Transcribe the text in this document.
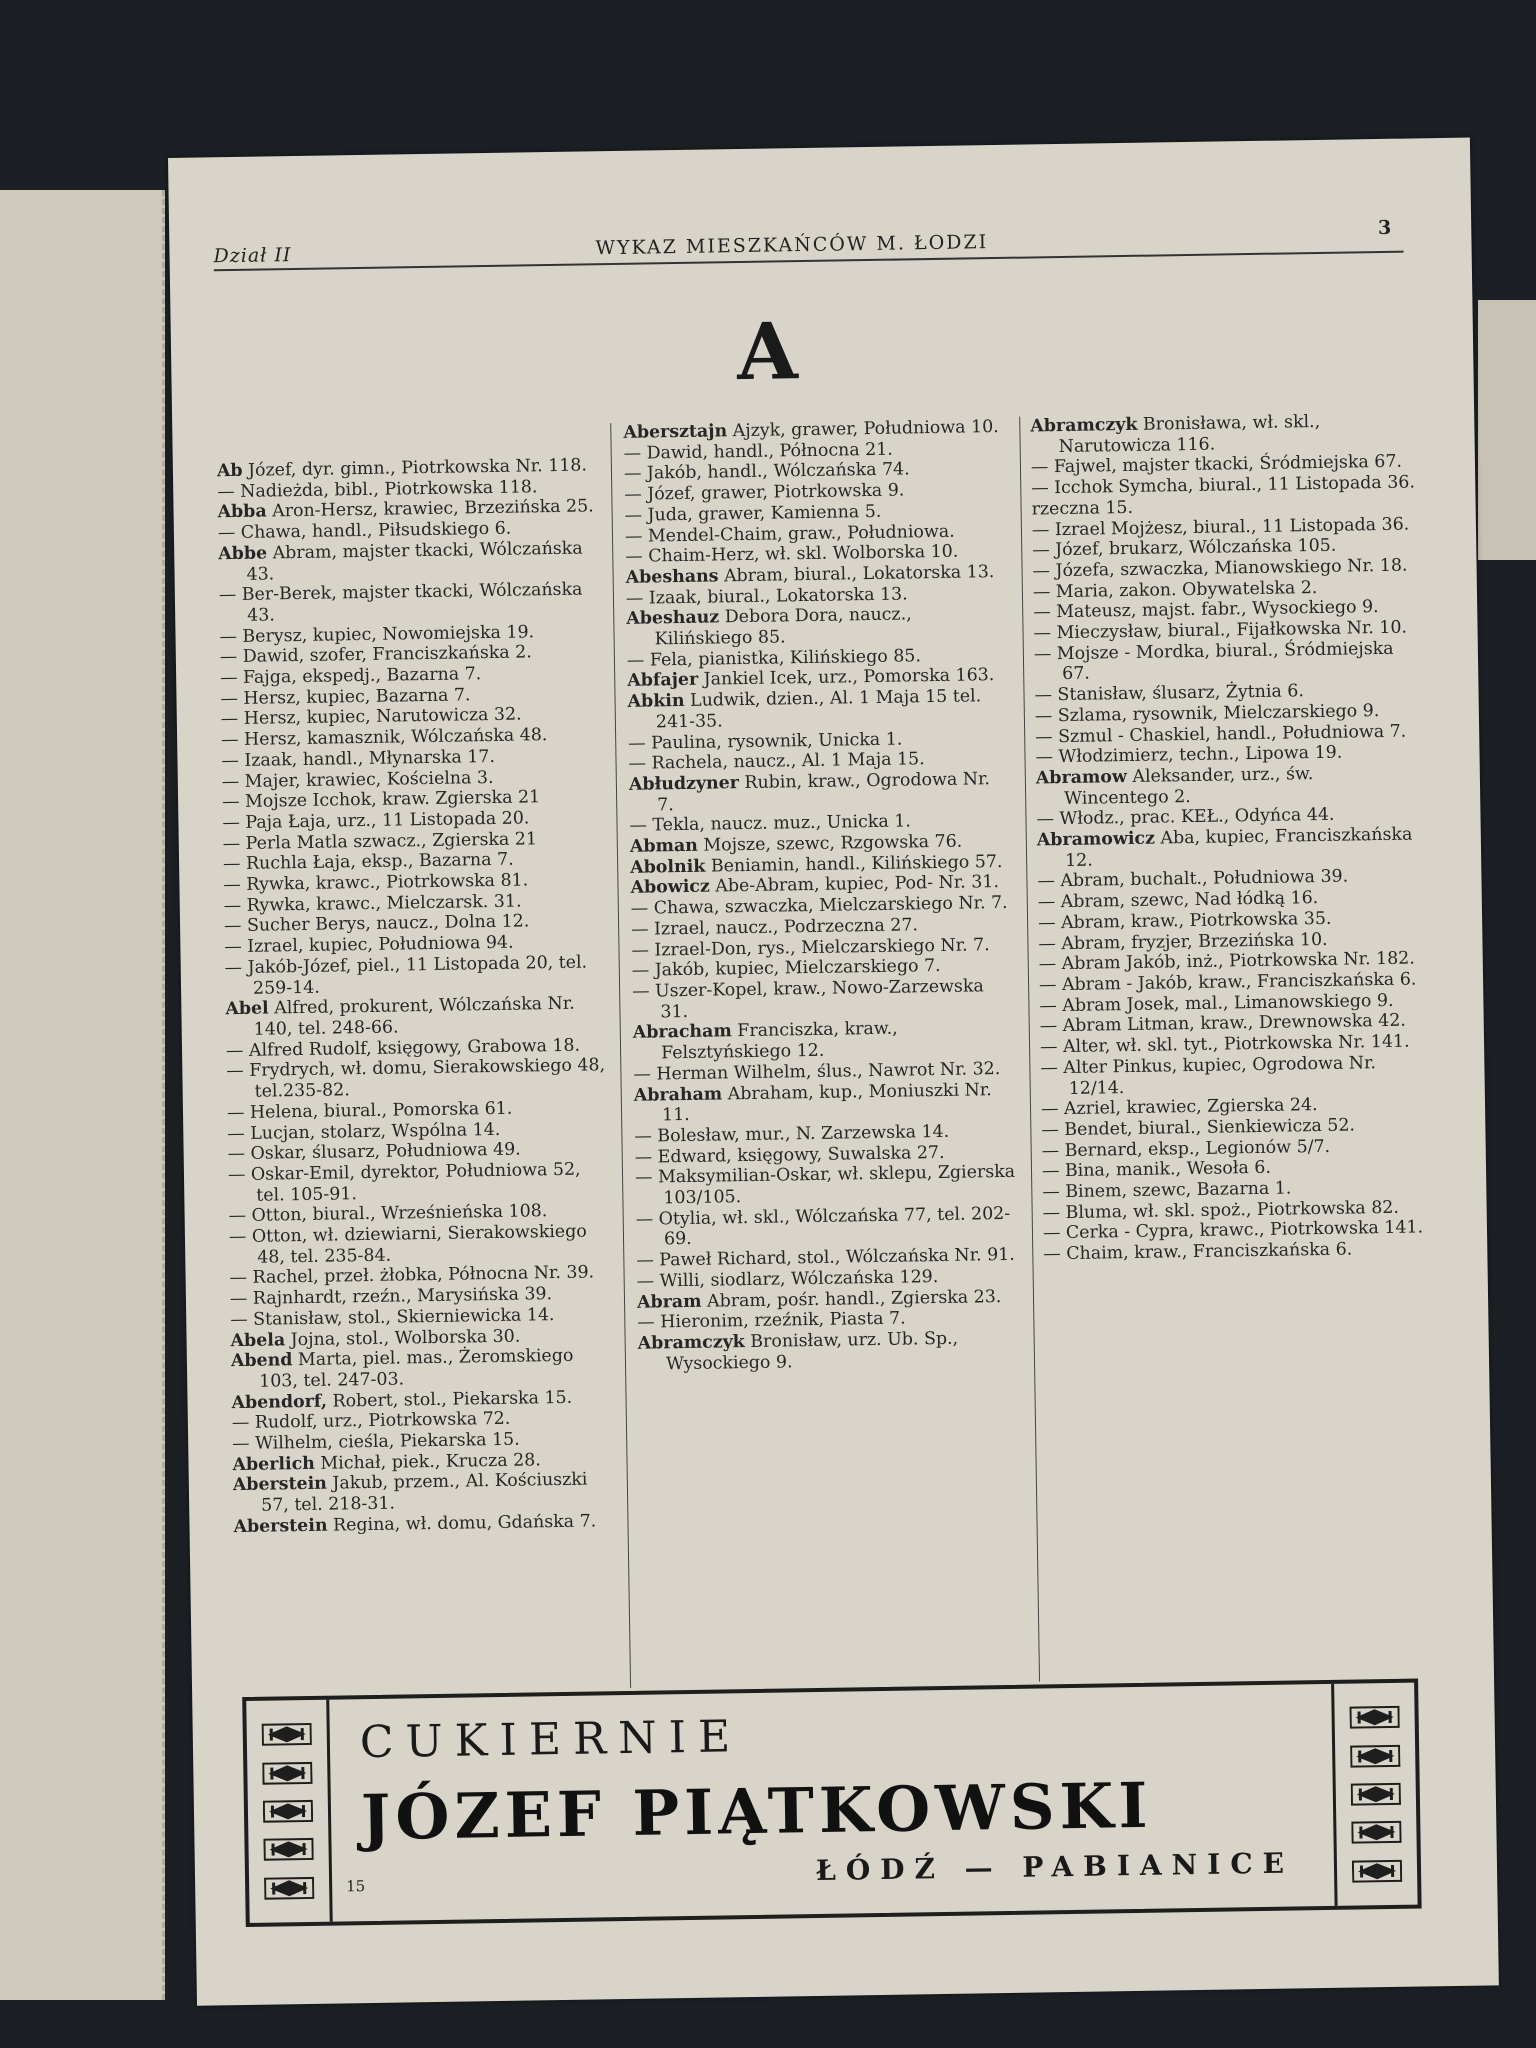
Dział II	WYKAZ MIESZKAŃCÓW M. ŁODZI
3
A

Ab Józef, dyr. gimn., Piotrkowska Nr. 118.

— Nadieżda, bibl., Piotrkowska 118.

Abba Aron-Hersz, krawiec, Brzezińska 25.

— Chawa, handl., Piłsudskiego 6.

Abbe Abram, majster tkacki, Wólczańska 43.

— Ber-Berek, majster tkacki, Wólczańska 43.

— Berysz, kupiec, Nowomiejska 19.

— Dawid, szofer, Franciszkańska 2.

— Fajga, ekspedj., Bazarna 7.

— Hersz, kupiec, Bazarna 7.

— Hersz, kupiec, Narutowicza 32.

— Hersz, kamasznik, Wólczańska 48.

— Izaak, handl., Młynarska 17.

— Majer, krawiec, Kościelna 3.

— Mojsze Icchok, kraw. Zgierska 21

— Paja Łaja, urz., 11 Listopada 20.

— Perla Matla szwacz., Zgierska 21

— Ruchla Łaja, eksp., Bazarna 7.

— Rywka, krawc., Piotrkowska 81.

— Rywka, krawc., Mielczarsk. 31.

— Sucher Berys, naucz., Dolna 12.

— Izrael, kupiec, Południowa 94.

— Jakób-Józef, piel., 11 Listopada 20, tel. 259-14.

Abel Alfred, prokurent, Wólczańska Nr. 140, tel. 248-66.

— Alfred Rudolf, księgowy, Grabowa 18.

— Frydrych, wł. domu, Sierakowskiego 48, tel.235-82.

— Helena, biural., Pomorska 61.

— Lucjan, stolarz, Wspólna 14.

— Oskar, ślusarz, Południowa 49.

— Oskar-Emil, dyrektor, Południowa 52, tel. 105-91.

— Otton, biural., Wrześnieńska 108.

— Otton, wł. dziewiarni, Sierakowskiego 48, tel. 235-84.

— Rachel, przeł. żłobka, Północna Nr. 39.

— Rajnhardt, rzeźn., Marysińska 39.

— Stanisław, stol., Skierniewicka 14.

Abela Jojna, stol., Wolborska 30.

Abend Marta, piel. mas., Żeromskiego 103, tel. 247-03.

Abendorf, Robert, stol., Piekarska 15.

— Rudolf, urz., Piotrkowska 72.

— Wilhelm, cieśla, Piekarska 15.

Aberlich Michał, piek., Krucza 28.

Aberstein Jakub, przem., Al. Kościuszki 57, tel. 218-31.

Aberstein Regina, wł. domu, Gdańska 7.

Abersztajn Ajzyk, grawer, Południowa 10.

— Dawid, handl., Północna 21.

— Jakób, handl., Wólczańska 74.

— Józef, grawer, Piotrkowska 9.

— Juda, grawer, Kamienna 5.

— Mendel-Chaim, graw., Południowa.

— Chaim-Herz, wł. skl. Wolborska 10.

Abeshans Abram, biural., Lokatorska 13.

— Izaak, biural., Lokatorska 13.

Abeshauz Debora Dora, naucz., Kilińskiego 85.

— Fela, pianistka, Kilińskiego 85.

Abfajer Jankiel Icek, urz., Pomorska 163.

Abkin Ludwik, dzien., Al. 1 Maja 15 tel. 241-35.

— Paulina, rysownik, Unicka 1.

— Rachela, naucz., Al. 1 Maja 15.

Abłudzyner Rubin, kraw., Ogrodowa Nr. 7.

— Tekla, naucz. muz., Unicka 1.

Abman Mojsze, szewc, Rzgowska 76.

Abolnik Beniamin, handl., Kilińskiego 57.

Abowicz Abe-Abram, kupiec, Pod- Nr. 31.

— Chawa, szwaczka, Mielczarskiego Nr. 7.

— Izrael, naucz., Podrzeczna 27.

— Izrael-Don, rys., Mielczarskiego Nr. 7.

— Jakób, kupiec, Mielczarskiego 7.

— Uszer-Kopel, kraw., Nowo-Zarzewska 31.

Abracham Franciszka, kraw., Felsztyńskiego 12.

— Herman Wilhelm, ślus., Nawrot Nr. 32.

Abraham Abraham, kup., Moniuszki Nr. 11.

— Bolesław, mur., N. Zarzewska 14.

— Edward, księgowy, Suwalska 27.

— Maksymilian-Oskar, wł. sklepu, Zgierska 103/105.

— Otylia, wł. skl., Wólczańska 77, tel. 202-69.

— Paweł Richard, stol., Wólczańska Nr. 91.

— Willi, siodlarz, Wólczańska 129.

Abram Abram, pośr. handl., Zgierska 23.

— Hieronim, rzeźnik, Piasta 7.

Abramczyk Bronisław, urz. Ub. Sp., Wysockiego 9.

Abramczyk Bronisława, wł. skl., Narutowicza 116.

— Fajwel, majster tkacki, Śródmiejska 67.

— Icchok Symcha, biural., 11 Listopada 36.

rzeczna 15.

— Izrael Mojżesz, biural., 11 Listopada 36.

— Józef, brukarz, Wólczańska 105.

— Józefa, szwaczka, Mianowskiego Nr. 18.

— Maria, zakon. Obywatelska 2.

— Mateusz, majst. fabr., Wysockiego 9.

— Mieczysław, biural., Fijałkowska Nr. 10.

— Mojsze - Mordka, biural., Śródmiejska 67.

— Stanisław, ślusarz, Żytnia 6.

— Szlama, rysownik, Mielczarskiego 9.

— Szmul - Chaskiel, handl., Południowa 7.

— Włodzimierz, techn., Lipowa 19.

Abramow Aleksander, urz., św. Wincentego 2.

— Włodz., prac. KEŁ., Odyńca 44.

Abramowicz Aba, kupiec, Franciszkańska 12.

— Abram, buchalt., Południowa 39.

— Abram, szewc, Nad łódką 16.

— Abram, kraw., Piotrkowska 35.

— Abram, fryzjer, Brzezińska 10.

— Abram Jakób, inż., Piotrkowska Nr. 182.

— Abram - Jakób, kraw., Franciszkańska 6.

— Abram Josek, mal., Limanowskiego 9.

— Abram Litman, kraw., Drewnowska 42.

— Alter, wł. skl. tyt., Piotrkowska Nr. 141.

— Alter Pinkus, kupiec, Ogrodowa Nr. 12/14.

— Azriel, krawiec, Zgierska 24.

— Bendet, biural., Sienkiewicza 52.

— Bernard, eksp., Legionów 5/7.

— Bina, manik., Wesoła 6.

— Binem, szewc, Bazarna 1.

— Bluma, wł. skl. spoż., Piotrkowska 82.

— Cerka - Cypra, krawc., Piotrkowska 141.

— Chaim, kraw., Franciszkańska 6.

15
CUKIERNIE
JÓZEF PIĄTKOWSKI
ŁÓDŹ — PABIANICE
